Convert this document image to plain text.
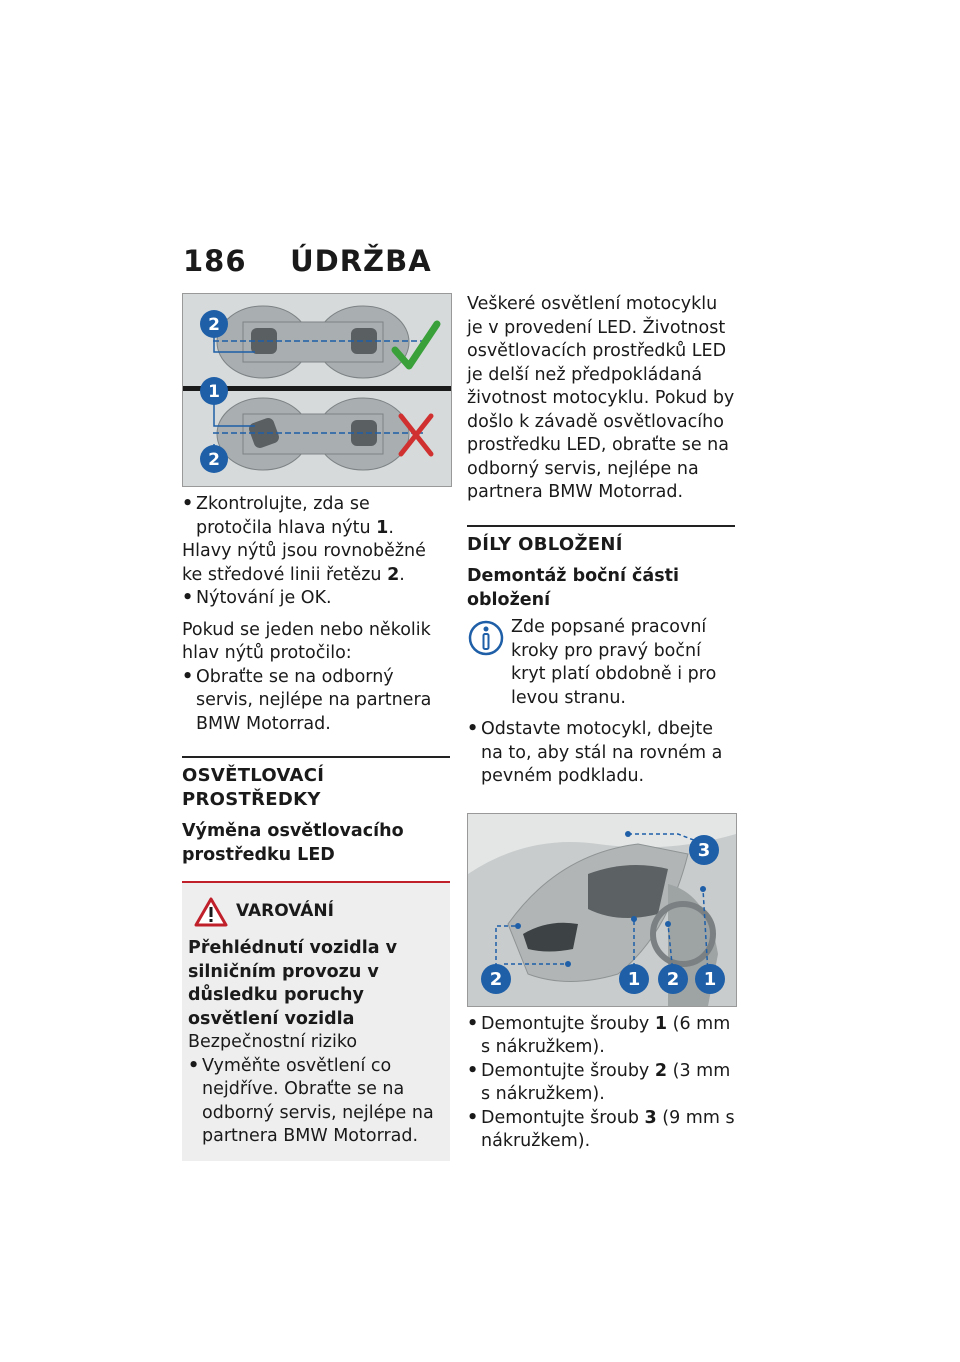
186 ÚDRŽBA
2
1
2

• Zkontrolujte, zda se protočila hlava nýtu 1.

Hlavy nýtů jsou rovnoběžné ke středové linii řetězu 2.

• Nýtování je OK.

Pokud se jeden nebo několik hlav nýtů protočilo:

• Obraťte se na odborný servis, nejlépe na partnera BMW Motorrad.

OSVĚTLOVACÍ PROSTŘEDKY
Výměna osvětlovacího prostředku LED
VAROVÁNÍ

Přehlédnutí vozidla v silničním provozu v důsledku poruchy osvětlení vozidla

Bezpečnostní riziko

• Vyměňte osvětlení co nejdříve. Obraťte se na odborný servis, nejlépe na partnera BMW Motorrad.

Veškeré osvětlení motocyklu je v provedení LED. Životnost osvětlovacích prostředků LED je delší než předpokládaná životnost motocyklu. Pokud by došlo k závadě osvětlovacího prostředku LED, obraťte se na odborný servis, nejlépe na partnera BMW Motorrad.

DÍLY OBLOŽENÍ
Demontáž boční části obložení

Zde popsané pracovní kroky pro pravý boční kryt platí obdobně i pro levou stranu.

• Odstavte motocykl, dbejte na to, aby stál na rovném a pevném podkladu.

3
2	1 2 1

• Demontujte šrouby 1 (6 mm s nákružkem).

• Demontujte šrouby 2 (3 mm s nákružkem).

• Demontujte šroub 3 (9 mm s nákružkem).
